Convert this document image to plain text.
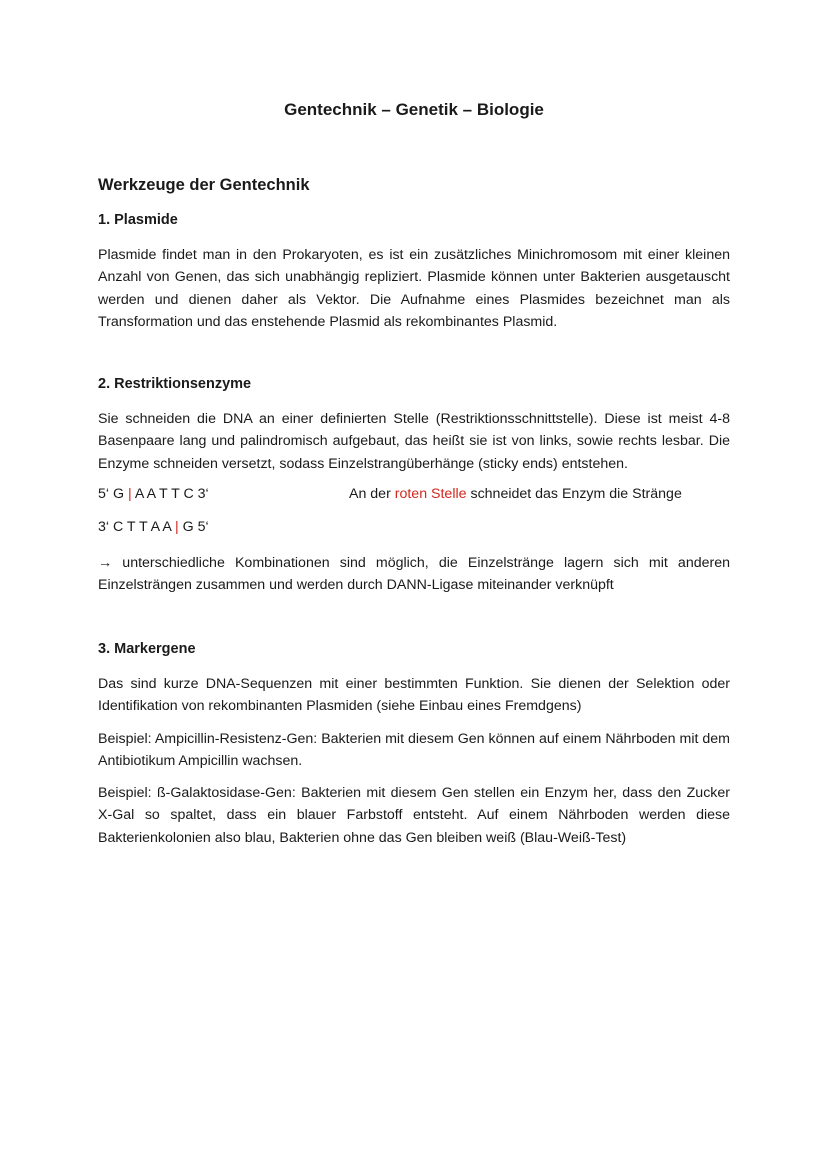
Gentechnik – Genetik – Biologie
Werkzeuge der Gentechnik
1. Plasmide

Plasmide findet man in den Prokaryoten, es ist ein zusätzliches Minichromosom mit einer kleinen Anzahl von Genen, das sich unabhängig repliziert. Plasmide können unter Bakterien ausgetauscht werden und dienen daher als Vektor. Die Aufnahme eines Plasmides bezeichnet man als Transformation und das enstehende Plasmid als rekombinantes Plasmid.

2. Restriktionsenzyme

Sie schneiden die DNA an einer definierten Stelle (Restriktionsschnittstelle). Diese ist meist 4-8 Basenpaare lang und palindromisch aufgebaut, das heißt sie ist von links, sowie rechts lesbar. Die Enzyme schneiden versetzt, sodass Einzelstrangüberhänge (sticky ends) entstehen.

5‘ G | A A T T C 3‘	An der roten Stelle schneidet das Enzym die Stränge

3‘ C T T A A | G 5‘

→ unterschiedliche Kombinationen sind möglich, die Einzelstränge lagern sich mit anderen Einzelsträngen zusammen und werden durch DANN-Ligase miteinander verknüpft

3. Markergene

Das sind kurze DNA-Sequenzen mit einer bestimmten Funktion. Sie dienen der Selektion oder Identifikation von rekombinanten Plasmiden (siehe Einbau eines Fremdgens)

Beispiel: Ampicillin-Resistenz-Gen: Bakterien mit diesem Gen können auf einem Nährboden mit dem Antibiotikum Ampicillin wachsen.

Beispiel: ß-Galaktosidase-Gen: Bakterien mit diesem Gen stellen ein Enzym her, dass den Zucker X-Gal so spaltet, dass ein blauer Farbstoff entsteht. Auf einem Nährboden werden diese Bakterienkolonien also blau, Bakterien ohne das Gen bleiben weiß (Blau-Weiß-Test)
